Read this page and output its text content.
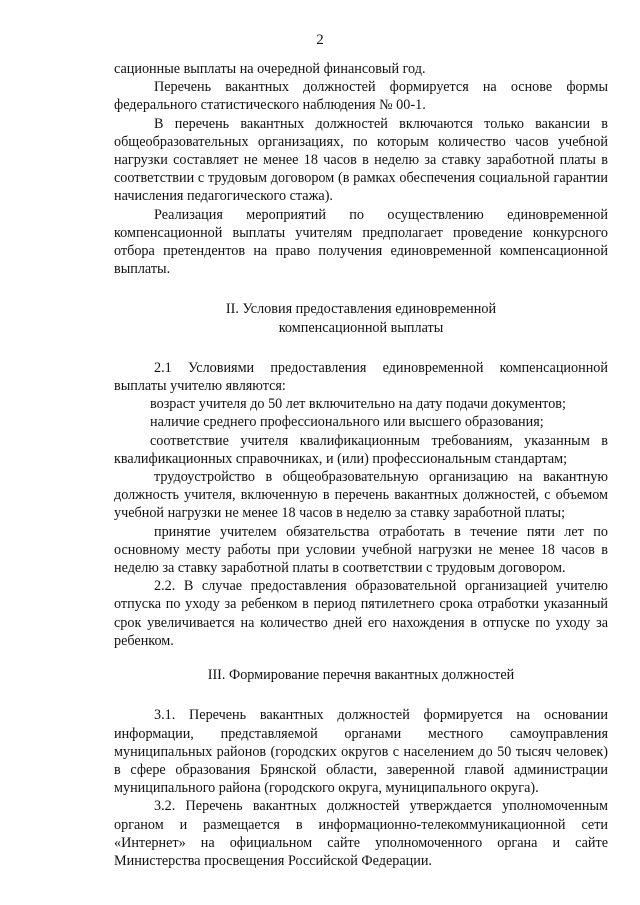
2

сационные выплаты на очередной финансовый год.

Перечень вакантных должностей формируется на основе формы федерального статистического наблюдения № 00-1.

В перечень вакантных должностей включаются только вакансии в общеобразовательных организациях, по которым количество часов учебной нагрузки составляет не менее 18 часов в неделю за ставку заработной платы в соответствии с трудовым договором (в рамках обеспечения социальной гарантии начисления педагогического стажа).

Реализация мероприятий по осуществлению единовременной компенсационной выплаты учителям предполагает проведение конкурсного отбора претендентов на право получения единовременной компенсационной выплаты.

II. Условия предоставления единовременной

компенсационной выплаты

2.1 Условиями предоставления единовременной компенсационной выплаты учителю являются:

возраст учителя до 50 лет включительно на дату подачи документов;

наличие среднего профессионального или высшего образования;

соответствие учителя квалификационным требованиям, указанным в квалификационных справочниках, и (или) профессиональным стандартам;

трудоустройство в общеобразовательную организацию на вакантную должность учителя, включенную в перечень вакантных должностей, с объемом учебной нагрузки не менее 18 часов в неделю за ставку заработной платы;

принятие учителем обязательства отработать в течение пяти лет по основному месту работы при условии учебной нагрузки не менее 18 часов в неделю за ставку заработной платы в соответствии с трудовым договором.

2.2. В случае предоставления образовательной организацией учителю отпуска по уходу за ребенком в период пятилетнего срока отработки указанный срок увеличивается на количество дней его нахождения в отпуске по уходу за ребенком.

III. Формирование перечня вакантных должностей

3.1. Перечень вакантных должностей формируется на основании информации, представляемой органами местного самоуправления муниципальных районов (городских округов с населением до 50 тысяч человек) в сфере образования Брянской области, заверенной главой администрации муниципального района (городского округа, муниципального округа).

3.2. Перечень вакантных должностей утверждается уполномоченным органом и размещается в информационно-телекоммуникационной сети «Интернет» на официальном сайте уполномоченного органа и сайте Министерства просвещения Российской Федерации.
